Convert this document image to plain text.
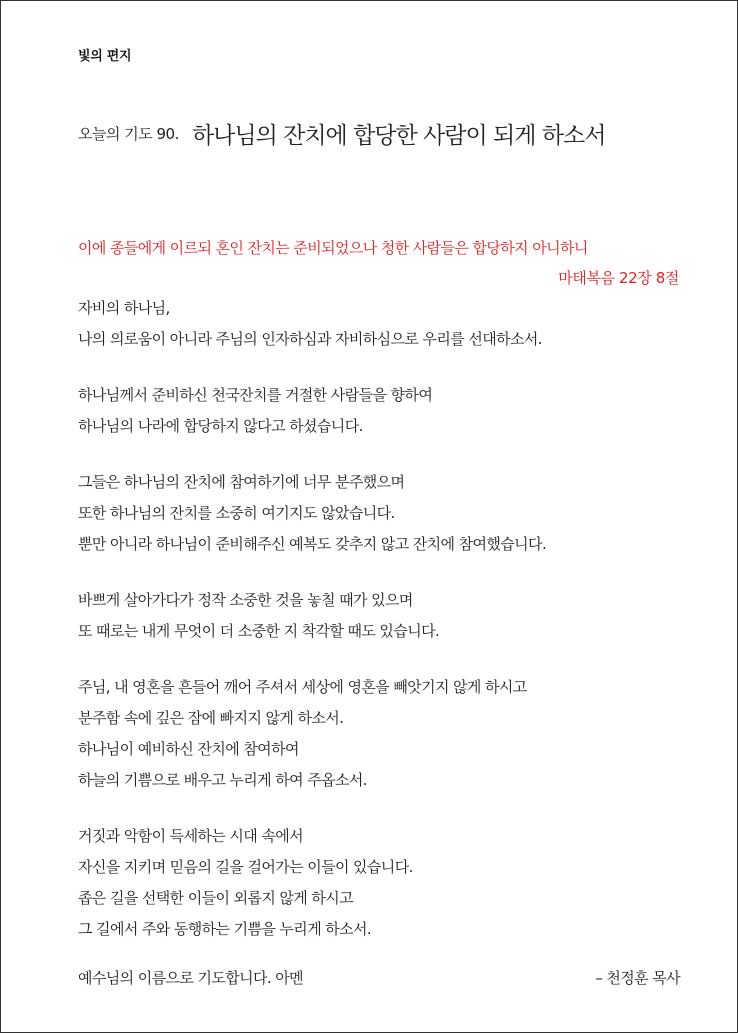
빛의 편지
오늘의 기도 90. 하나님의 잔치에 합당한 사람이 되게 하소서
이에 종들에게 이르되 혼인 잔치는 준비되었으나 청한 사람들은 합당하지 아니하니
마태복음 22장 8절
자비의 하나님,
나의 의로움이 아니라 주님의 인자하심과 자비하심으로 우리를 선대하소서.
하나님께서 준비하신 천국잔치를 거절한 사람들을 향하여
하나님의 나라에 합당하지 않다고 하셨습니다.
그들은 하나님의 잔치에 참여하기에 너무 분주했으며
또한 하나님의 잔치를 소중히 여기지도 않았습니다.
뿐만 아니라 하나님이 준비해주신 예복도 갖추지 않고 잔치에 참여했습니다.
바쁘게 살아가다가 정작 소중한 것을 놓칠 때가 있으며
또 때로는 내게 무엇이 더 소중한 지 착각할 때도 있습니다.
주님, 내 영혼을 흔들어 깨어 주셔서 세상에 영혼을 빼앗기지 않게 하시고
분주함 속에 깊은 잠에 빠지지 않게 하소서.
하나님이 예비하신 잔치에 참여하여
하늘의 기쁨으로 배우고 누리게 하여 주옵소서.
거짓과 악함이 득세하는 시대 속에서
자신을 지키며 믿음의 길을 걸어가는 이들이 있습니다.
좁은 길을 선택한 이들이 외롭지 않게 하시고
그 길에서 주와 동행하는 기쁨을 누리게 하소서.
예수님의 이름으로 기도합니다. 아멘	– 천정훈 목사
